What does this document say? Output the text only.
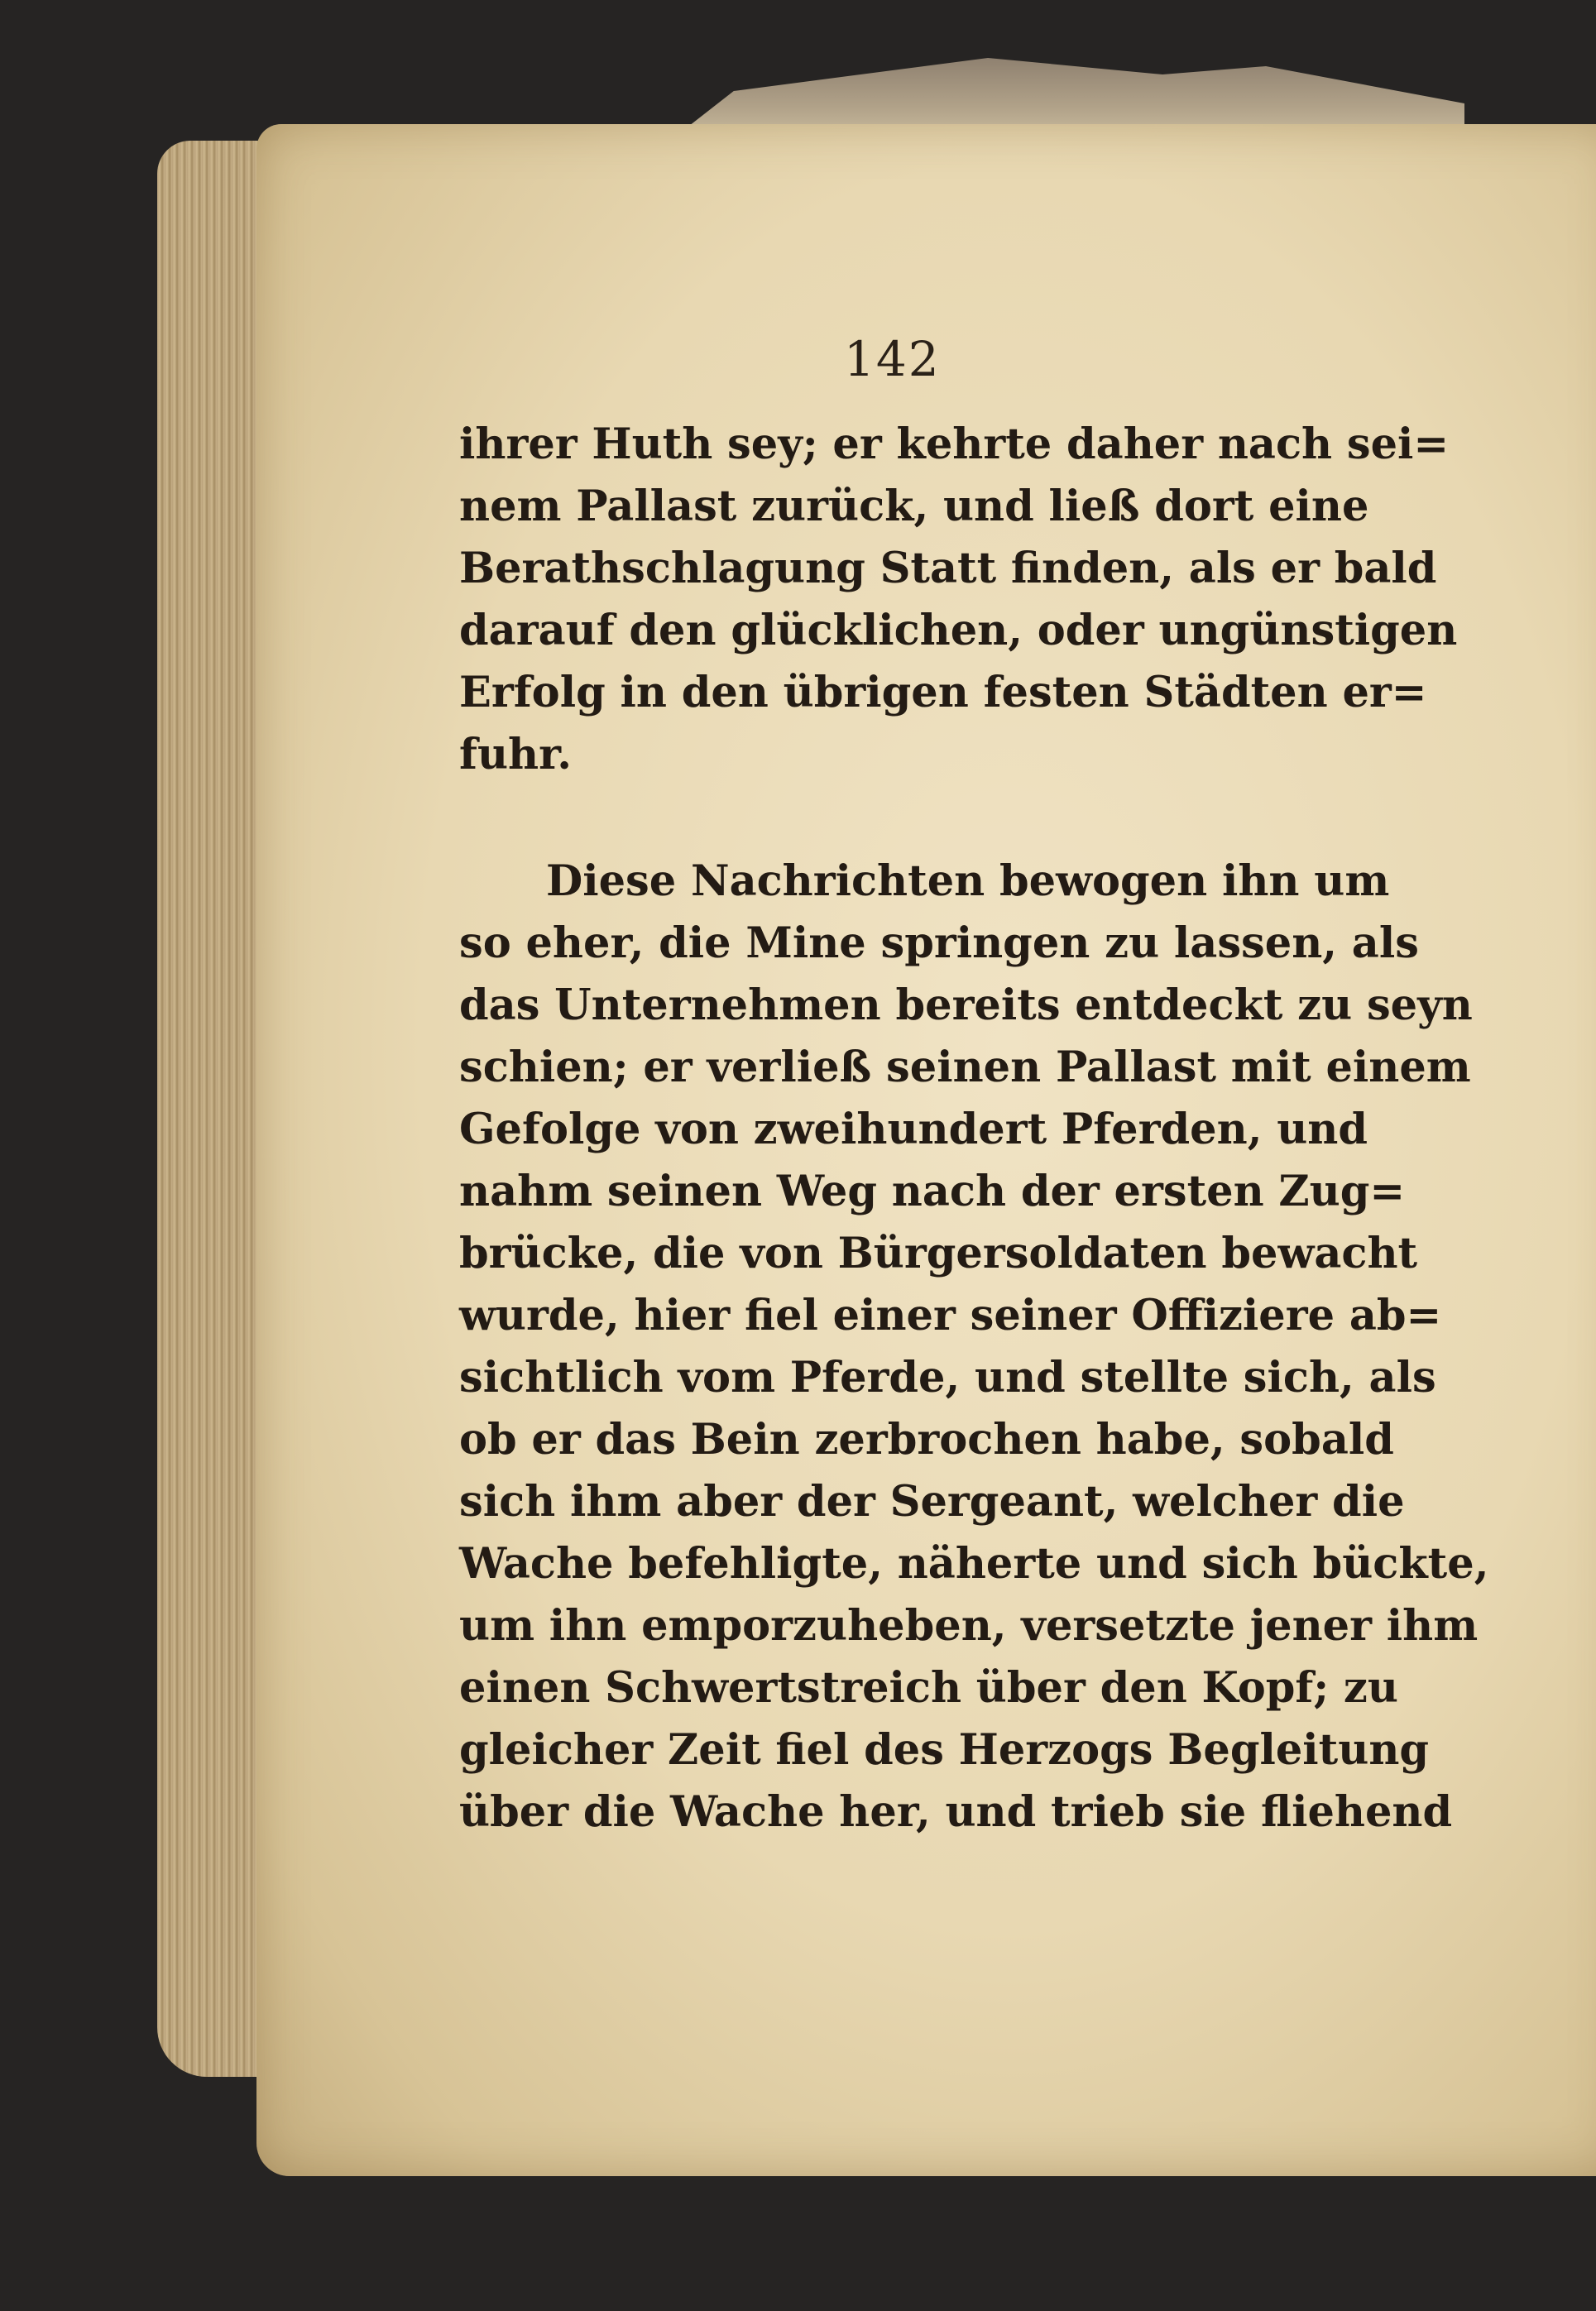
142
ihrer Huth sey; er kehrte daher nach sei=
nem Pallast zurück, und ließ dort eine
Berathschlagung Statt finden, als er bald
darauf den glücklichen, oder ungünstigen
Erfolg in den übrigen festen Städten er=
fuhr.
Diese Nachrichten bewogen ihn um
so eher, die Mine springen zu lassen, als
das Unternehmen bereits entdeckt zu seyn
schien; er verließ seinen Pallast mit einem
Gefolge von zweihundert Pferden, und
nahm seinen Weg nach der ersten Zug=
brücke, die von Bürgersoldaten bewacht
wurde, hier fiel einer seiner Offiziere ab=
sichtlich vom Pferde, und stellte sich, als
ob er das Bein zerbrochen habe, sobald
sich ihm aber der Sergeant, welcher die
Wache befehligte, näherte und sich bückte,
um ihn emporzuheben, versetzte jener ihm
einen Schwertstreich über den Kopf; zu
gleicher Zeit fiel des Herzogs Begleitung
über die Wache her, und trieb sie fliehend
